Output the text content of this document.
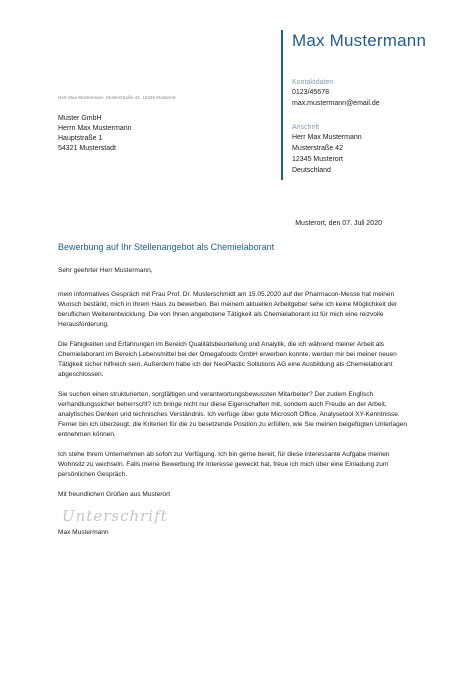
Max Mustermann
Kontaktdaten
0123/45678
max.mustermann@email.de
Anschrift
Herr Max Mustermann
Musterstraße 42
12345 Musterort
Deutschland
Herr Max Mustermann, Musterstraße 42, 12345 Musterort
Muster GmbH
Herrn Max Mustermann
Hauptstraße 1
54321 Musterstadt
Musterort, den 07. Juli 2020
Bewerbung auf Ihr Stellenangebot als Chemielaborant

Sehr geehrter Herr Mustermann,

mein informatives Gespräch mit Frau Prof. Dr. Musterschmidt am 15.05.2020 auf der Pharmacon-Messe hat meinen Wunsch bestärkt, mich in Ihrem Haus zu bewerben. Bei meinem aktuellen Arbeitgeber sehe ich keine Möglichkeit der beruflichen Weiterentwicklung. Die von Ihnen angebotene Tätigkeit als Chemielaborant ist für mich eine reizvolle Herausforderung.

Die Fähigkeiten und Erfahrungen im Bereich Qualitätsbeurteilung und Analytik, die ich während meiner Arbeit als Chemielaborant im Bereich Lebensmittel bei der Omegafoods GmbH erwerben konnte, werden mir bei meiner neuen Tätigkeit sicher hilfreich sein. Außerdem habe ich der NeoPlastic Sollutions AG eine Ausbildung als Chemielaborant abgeschlossen.

Sie suchen einen strukturierten, sorgfältigen und verantwortungsbewussten Mitarbeiter? Der zudem Englisch verhandlungssicher beherrscht? Ich bringe nicht nur diese Eigenschaften mit, sondern auch Freude an der Arbeit, analytisches Denken und technisches Verständnis. Ich verfüge über gute Microsoft Office, Analysetool XY-Kenntnisse. Ferner bin ich überzeugt, die Kriterien für die zu besetzende Position zu erfüllen, wie Sie meinen beigefügten Unterlagen entnehmen können.

Ich stehe Ihrem Unternehmen ab sofort zur Verfügung. Ich bin gerne bereit, für diese interessante Aufgabe meinen Wohnsitz zu wechseln. Falls meine Bewerbung Ihr Interesse geweckt hat, freue ich mich über eine Einladung zum persönlichen Gespräch.

Mit freundlichen Grüßen aus Musterort

Unterschrift

Max Mustermann
